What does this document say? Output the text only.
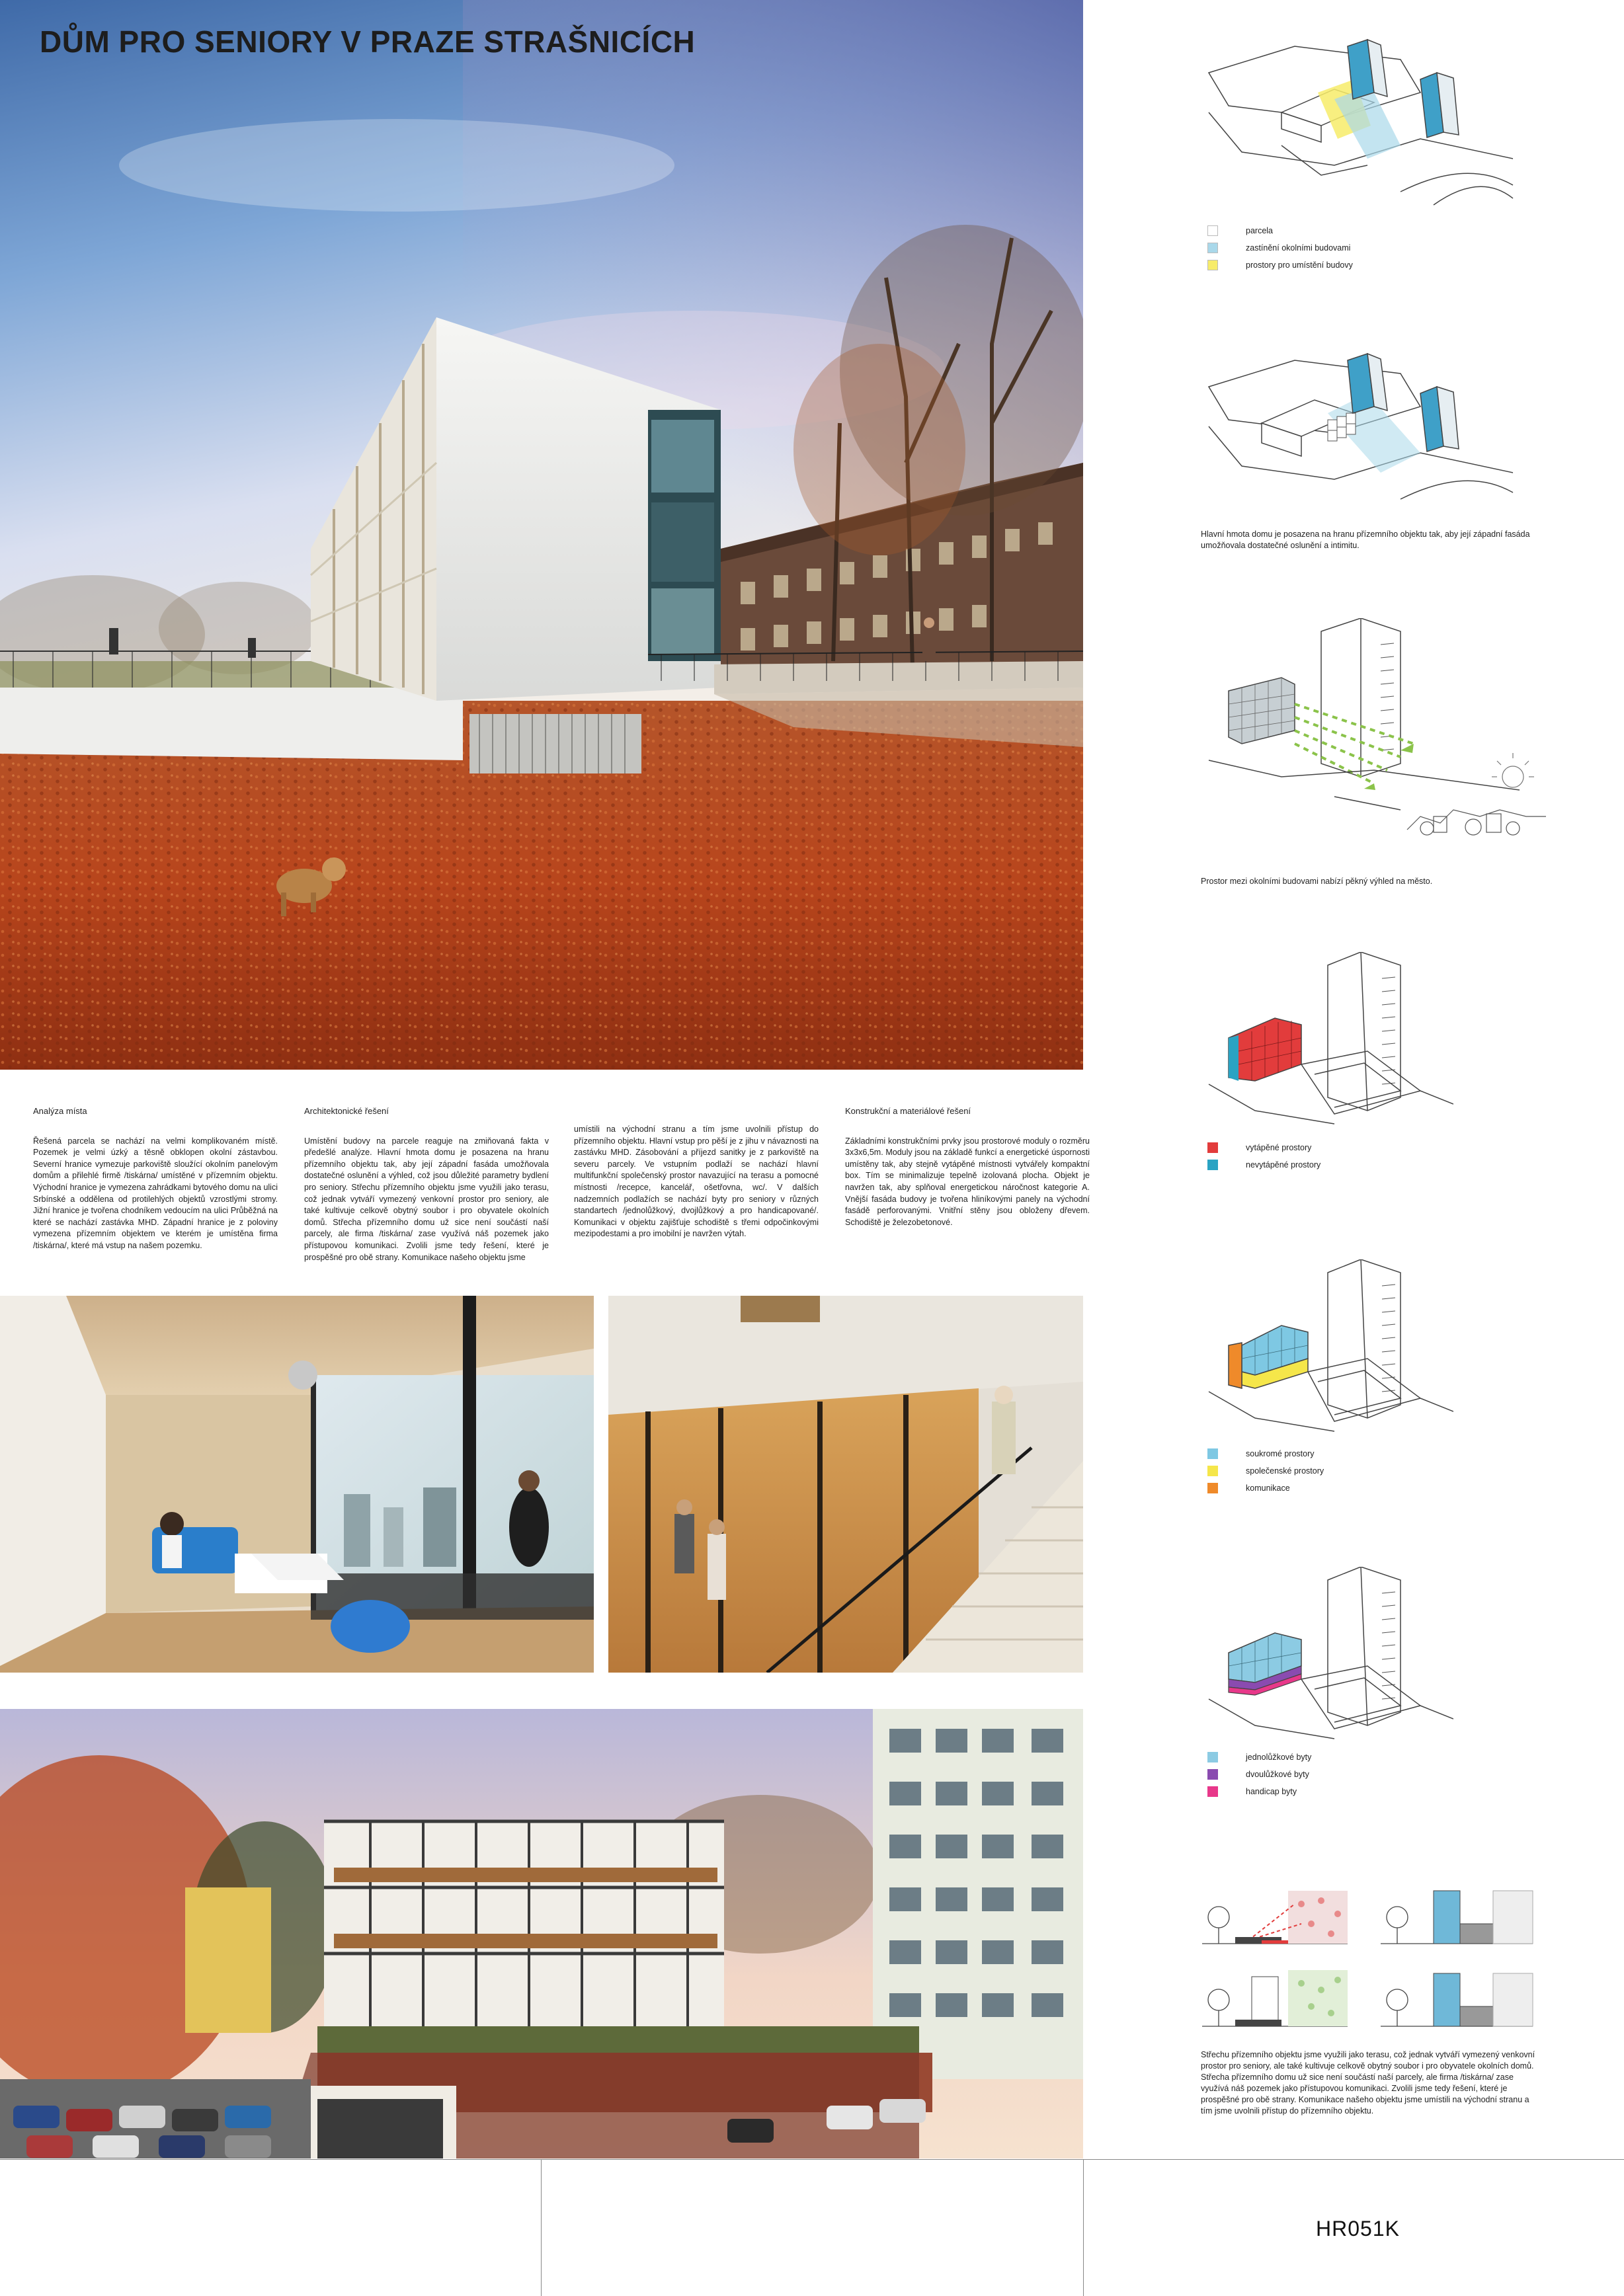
DŮM PRO SENIORY V PRAZE STRAŠNICÍCH
Analýza místa

Řešená parcela se nachází na velmi komplikovaném místě. Pozemek je velmi úzký a těsně obklopen okolní zástavbou. Severní hranice vymezuje parkoviště sloužící okolním panelovým domům a přilehlé firmě /tiskárna/ umístěné v přízemním objektu. Východní hranice je vymezena zahrádkami bytového domu na ulici Srbínské a oddělena od protilehlých objektů vzrostlými stromy. Jižní hranice je tvořena chodníkem vedoucím na ulici Průběžná na které se nachází zastávka MHD. Západní hranice je z poloviny vymezena přízemním objektem ve kterém je umístěna firma /tiskárna/, které má vstup na našem pozemku.

Architektonické řešení

Umístění budovy na parcele reaguje na zmiňovaná fakta v předešlé analýze. Hlavní hmota domu je posazena na hranu přízemního objektu tak, aby její západní fasáda umožňovala dostatečné oslunění a výhled, což jsou důležité parametry bydlení pro seniory. Střechu přízemního objektu jsme využili jako terasu, což jednak vytváří vymezený venkovní prostor pro seniory, ale také kultivuje celkově obytný soubor i pro obyvatele okolních domů. Střecha přízemního domu už sice není součástí naší parcely, ale firma /tiskárna/ zase využívá náš pozemek jako přístupovou komunikaci. Zvolili jsme tedy řešení, které je prospěšné pro obě strany. Komunikace našeho objektu jsme

umístili na východní stranu a tím jsme uvolnili přístup do přízemního objektu. Hlavní vstup pro pěší je z jihu v návaznosti na zastávku MHD. Zásobování a příjezd sanitky je z parkoviště na severu parcely. Ve vstupním podlaží se nachází hlavní multifunkční společenský prostor navazující na terasu a pomocné místnosti /recepce, kancelář, ošetřovna, wc/. V dalších nadzemních podlažích se nachází byty pro seniory v různých standartech /jednolůžkový, dvojlůžkový a pro handicapované/. Komunikaci v objektu zajišťuje schodiště s třemi odpočinkovými mezipodestami a pro imobilní je navržen výtah.

Konstrukční a materiálové řešení

Základními konstrukčními prvky jsou prostorové moduly o rozměru 3x3x6,5m. Moduly jsou na základě funkcí a energetické úspornosti umístěny tak, aby stejně vytápěné místnosti vytvářely kompaktní box. Tím se minimalizuje tepelně izolovaná plocha. Objekt je navržen tak, aby splňoval energetickou náročnost kategorie A. Vnější fasáda budovy je tvořena hliníkovými panely na východní fasádě perforovanými. Vnitřní stěny jsou obloženy dřevem. Schodiště je železobetonové.

parcela
zastínění okolními budovami
prostory pro umístění budovy
Hlavní hmota domu je posazena na hranu přízemního objektu tak, aby její západní fasáda umožňovala dostatečné oslunění a intimitu.
Prostor mezi okolními budovami nabízí pěkný výhled na město.
vytápěné prostory
nevytápěné prostory
soukromé prostory
společenské prostory
komunikace
jednolůžkové byty
dvoulůžkové byty
handicap byty
Střechu přízemního objektu jsme využili jako terasu, což jednak vytváří vymezený venkovní prostor pro seniory, ale také kultivuje celkově obytný soubor i pro obyvatele okolních domů. Střecha přízemního domu už sice není součástí naší parcely, ale firma /tiskárna/ zase využívá náš pozemek jako přístupovou komunikaci. Zvolili jsme tedy řešení, které je prospěšné pro obě strany. Komunikace našeho objektu jsme umístili na východní stranu a tím jsme uvolnili přístup do přízemního objektu.
HR051K
